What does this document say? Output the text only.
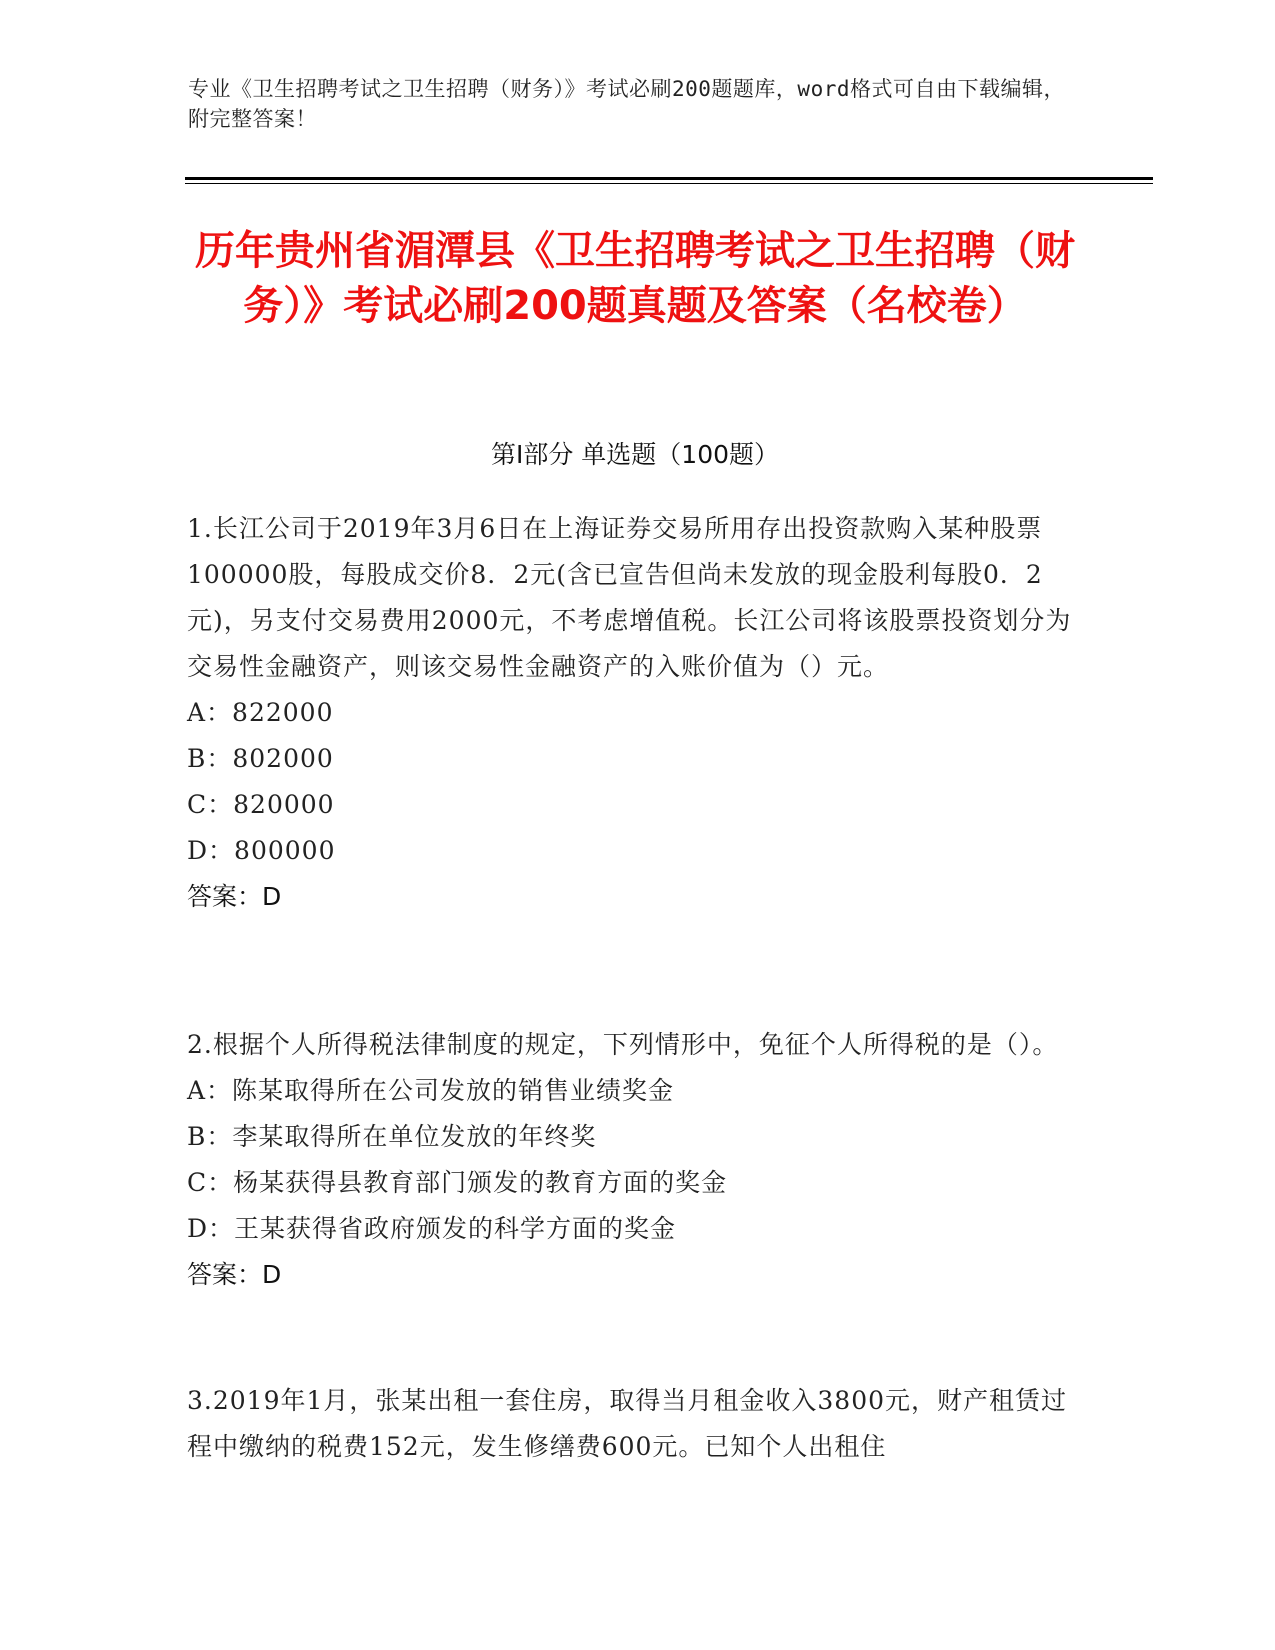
专业《卫生招聘考试之卫生招聘（财务）》考试必刷200题题库，word格式可自由下载编辑，附完整答案！
历年贵州省湄潭县《卫生招聘考试之卫生招聘（财务）》考试必刷200题真题及答案（名校卷）
第Ⅰ部分 单选题（100题）
1.长江公司于2019年3月6日在上海证券交易所用存出投资款购入某种股票100000股，每股成交价8．2元(含已宣告但尚未发放的现金股利每股0．2元)，另支付交易费用2000元，不考虑增值税。长江公司将该股票投资划分为交易性金融资产，则该交易性金融资产的入账价值为（）元。
A：822000
B：802000
C：820000
D：800000
答案：D
2.根据个人所得税法律制度的规定，下列情形中，免征个人所得税的是（）。
A：陈某取得所在公司发放的销售业绩奖金
B：李某取得所在单位发放的年终奖
C：杨某获得县教育部门颁发的教育方面的奖金
D：王某获得省政府颁发的科学方面的奖金
答案：D
3.2019年1月，张某出租一套住房，取得当月租金收入3800元，财产租赁过程中缴纳的税费152元，发生修缮费600元。已知个人出租住
